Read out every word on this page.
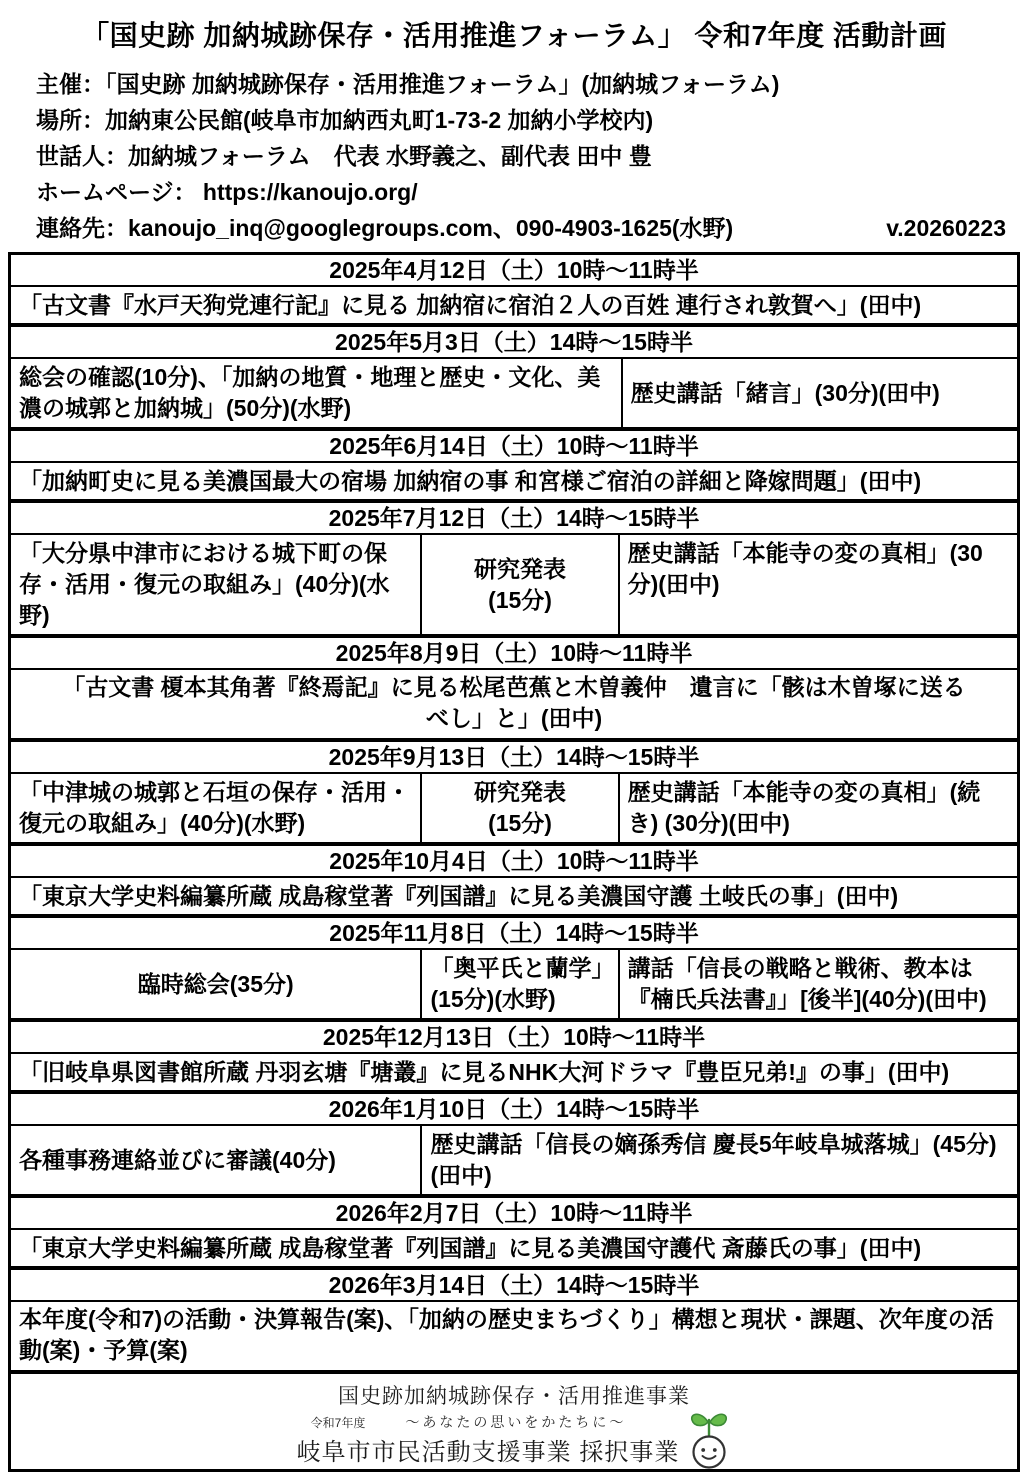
「国史跡 加納城跡保存・活用推進フォーラム」 令和7年度 活動計画
主催：「国史跡 加納城跡保存・活用推進フォーラム」(加納城フォーラム)
場所：加納東公民館(岐阜市加納西丸町1-73-2 加納小学校内)
世話人：加納城フォーラム　代表 水野義之、副代表 田中 豊
ホームページ： https://kanoujo.org/
連絡先：kanoujo_inq@googlegroups.com、090-4903-1625(水野)	v.20260223
2025年4月12日（土）10時～11時半
「古文書『水戸天狗党連行記』に見る 加納宿に宿泊２人の百姓 連行され敦賀へ」(田中)
2025年5月3日（土）14時～15時半
総会の確認(10分)、「加納の地質・地理と歴史・文化、美濃の城郭と加納城」(50分)(水野)
歴史講話「緒言」(30分)(田中)
2025年6月14日（土）10時～11時半
「加納町史に見る美濃国最大の宿場 加納宿の事 和宮様ご宿泊の詳細と降嫁問題」(田中)
2025年7月12日（土）14時～15時半
「大分県中津市における城下町の保存・活用・復元の取組み」(40分)(水野)
研究発表
(15分)
歴史講話「本能寺の変の真相」(30分)(田中)
2025年8月9日（土）10時～11時半
「古文書 榎本其角著『終焉記』に見る松尾芭蕉と木曽義仲　遺言に「骸は木曽塚に送るべし」と」(田中)
2025年9月13日（土）14時～15時半
「中津城の城郭と石垣の保存・活用・復元の取組み」(40分)(水野)
研究発表
(15分)
歴史講話「本能寺の変の真相」(続き) (30分)(田中)
2025年10月4日（土）10時～11時半
「東京大学史料編纂所蔵 成島稼堂著『列国譜』に見る美濃国守護 土岐氏の事」(田中)
2025年11月8日（土）14時～15時半
臨時総会(35分)
「奥平氏と蘭学」(15分)(水野)
講話「信長の戦略と戦術、教本は『楠氏兵法書』」[後半](40分)(田中)
2025年12月13日（土）10時～11時半
「旧岐阜県図書館所蔵 丹羽玄塘『塘叢』に見るNHK大河ドラマ『豊臣兄弟!』の事」(田中)
2026年1月10日（土）14時～15時半
各種事務連絡並びに審議(40分)
歴史講話「信長の嫡孫秀信 慶長5年岐阜城落城」(45分)(田中)
2026年2月7日（土）10時～11時半
「東京大学史料編纂所蔵 成島稼堂著『列国譜』に見る美濃国守護代 斎藤氏の事」(田中)
2026年3月14日（土）14時～15時半
本年度(令和7)の活動・決算報告(案)、「加納の歴史まちづくり」構想と現状・課題、次年度の活動(案)・予算(案)
国史跡加納城跡保存・活用推進事業
令和7年度	～あなたの思いをかたちに～
岐阜市市民活動支援事業 採択事業
